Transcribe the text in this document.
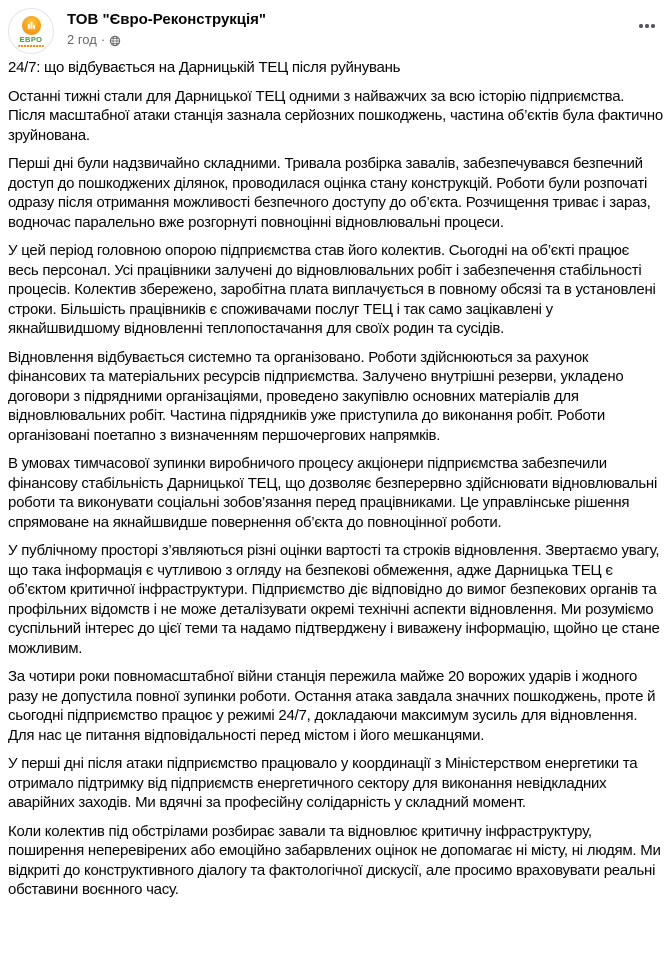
ЕВРО
ТОВ "Євро-Реконструкція"
2 год ·

24/7: що відбувається на Дарницькій ТЕЦ після руйнувань

Останні тижні стали для Дарницької ТЕЦ одними з найважчих за всю історію підприємства. Після масштабної атаки станція зазнала серйозних пошкоджень, частина об’єктів була фактично зруйнована.

Перші дні були надзвичайно складними. Тривала розбірка завалів, забезпечувався безпечний доступ до пошкоджених ділянок, проводилася оцінка стану конструкцій. Роботи були розпочаті одразу після отримання можливості безпечного доступу до об’єкта. Розчищення триває і зараз, водночас паралельно вже розгорнуті повноцінні відновлювальні процеси.

У цей період головною опорою підприємства став його колектив. Сьогодні на об’єкті працює весь персонал. Усі працівники залучені до відновлювальних робіт і забезпечення стабільності процесів. Колектив збережено, заробітна плата виплачується в повному обсязі та в установлені строки. Більшість працівників є споживачами послуг ТЕЦ і так само зацікавлені у якнайшвидшому відновленні теплопостачання для своїх родин та сусідів.

Відновлення відбувається системно та організовано. Роботи здійснюються за рахунок фінансових та матеріальних ресурсів підприємства. Залучено внутрішні резерви, укладено договори з підрядними організаціями, проведено закупівлю основних матеріалів для відновлювальних робіт. Частина підрядників уже приступила до виконання робіт. Роботи організовані поетапно з визначенням першочергових напрямків.

В умовах тимчасової зупинки виробничого процесу акціонери підприємства забезпечили фінансову стабільність Дарницької ТЕЦ, що дозволяє безперервно здійснювати відновлювальні роботи та виконувати соціальні зобов’язання перед працівниками. Це управлінське рішення спрямоване на якнайшвидше повернення об’єкта до повноцінної роботи.

У публічному просторі з’являються різні оцінки вартості та строків відновлення. Звертаємо увагу, що така інформація є чутливою з огляду на безпекові обмеження, адже Дарницька ТЕЦ є об’єктом критичної інфраструктури. Підприємство діє відповідно до вимог безпекових органів та профільних відомств і не може деталізувати окремі технічні аспекти відновлення. Ми розуміємо суспільний інтерес до цієї теми та надамо підтверджену і виважену інформацію, щойно це стане можливим.

За чотири роки повномасштабної війни станція пережила майже 20 ворожих ударів і жодного разу не допустила повної зупинки роботи. Остання атака завдала значних пошкоджень, проте й сьогодні підприємство працює у режимі 24/7, докладаючи максимум зусиль для відновлення. Для нас це питання відповідальності перед містом і його мешканцями.

У перші дні після атаки підприємство працювало у координації з Міністерством енергетики та отримало підтримку від підприємств енергетичного сектору для виконання невідкладних аварійних заходів. Ми вдячні за професійну солідарність у складний момент.

Коли колектив під обстрілами розбирає завали та відновлює критичну інфраструктуру, поширення неперевірених або емоційно забарвлених оцінок не допомагає ні місту, ні людям. Ми відкриті до конструктивного діалогу та фактологічної дискусії, але просимо враховувати реальні обставини воєнного часу.
